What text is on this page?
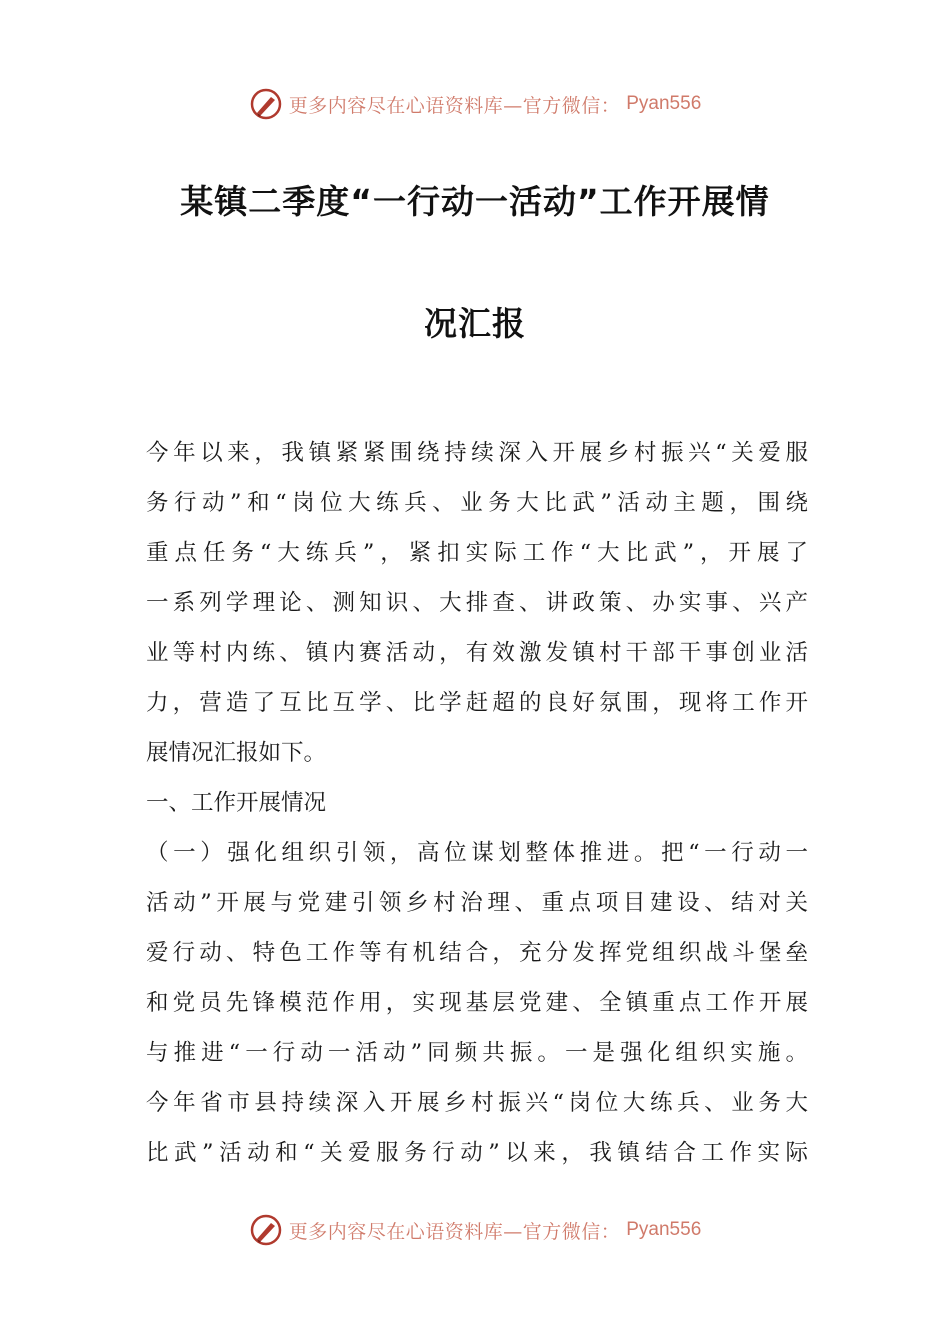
更多内容尽在心语资料库—官方微信： Pyan556
某镇二季度“一行动一活动”工作开展情
况汇报
今年以来，我镇紧紧围绕持续深入开展乡村振兴“关爱服
务行动”和“岗位大练兵、业务大比武”活动主题，围绕
重点任务“大练兵”，紧扣实际工作“大比武”，开展了
一系列学理论、测知识、大排查、讲政策、办实事、兴产
业等村内练、镇内赛活动，有效激发镇村干部干事创业活
力，营造了互比互学、比学赶超的良好氛围，现将工作开
展情况汇报如下。
一、工作开展情况
（一）强化组织引领，高位谋划整体推进。把“一行动一
活动”开展与党建引领乡村治理、重点项目建设、结对关
爱行动、特色工作等有机结合，充分发挥党组织战斗堡垒
和党员先锋模范作用，实现基层党建、全镇重点工作开展
与推进“一行动一活动”同频共振。一是强化组织实施。
今年省市县持续深入开展乡村振兴“岗位大练兵、业务大
比武”活动和“关爱服务行动”以来，我镇结合工作实际
更多内容尽在心语资料库—官方微信： Pyan556
